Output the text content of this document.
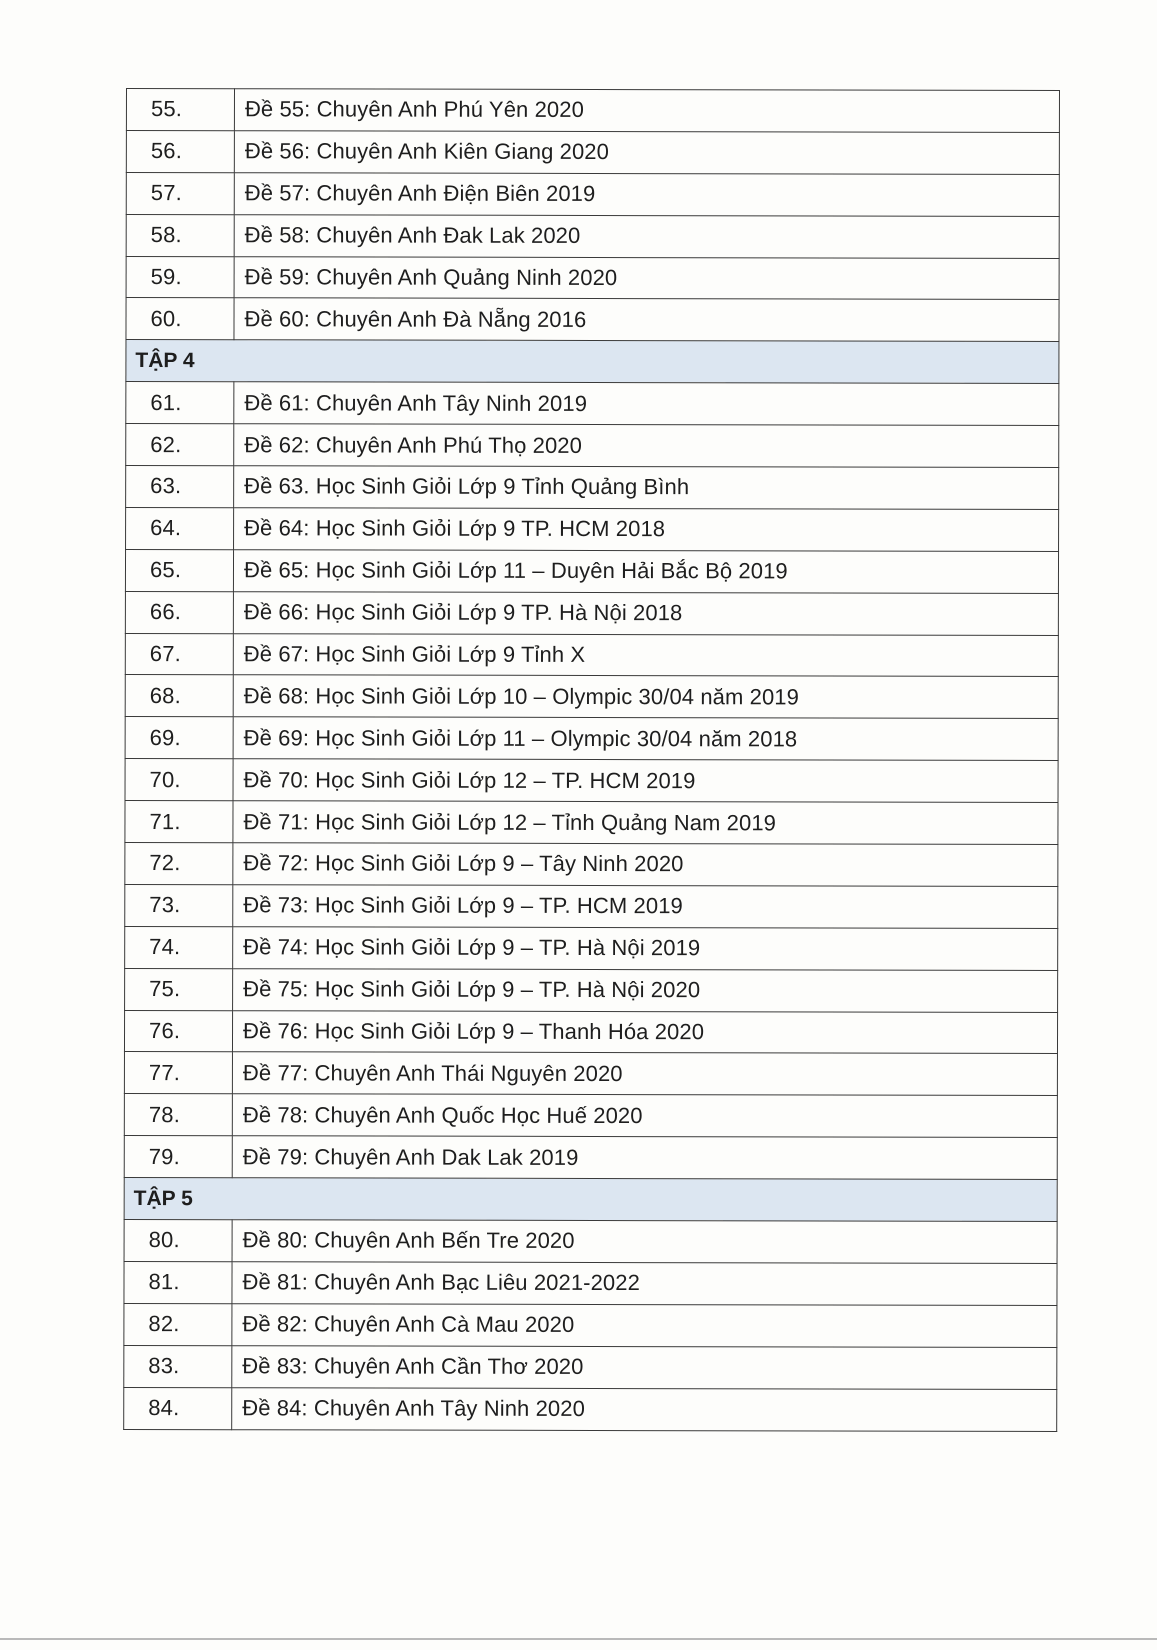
55.	Đề 55: Chuyên Anh Phú Yên 2020
56.	Đề 56: Chuyên Anh Kiên Giang 2020
57.	Đề 57: Chuyên Anh Điện Biên 2019
58.	Đề 58: Chuyên Anh Đak Lak 2020
59.	Đề 59: Chuyên Anh Quảng Ninh 2020
60.	Đề 60: Chuyên Anh Đà Nẵng 2016
TẬP 4	
61.	Đề 61: Chuyên Anh Tây Ninh 2019
62.	Đề 62: Chuyên Anh Phú Thọ 2020
63.	Đề 63. Học Sinh Giỏi Lớp 9 Tỉnh Quảng Bình
64.	Đề 64: Học Sinh Giỏi Lớp 9 TP. HCM 2018
65.	Đề 65: Học Sinh Giỏi Lớp 11 – Duyên Hải Bắc Bộ 2019
66.	Đề 66: Học Sinh Giỏi Lớp 9 TP. Hà Nội 2018
67.	Đề 67: Học Sinh Giỏi Lớp 9 Tỉnh X
68.	Đề 68: Học Sinh Giỏi Lớp 10 – Olympic 30/04 năm 2019
69.	Đề 69: Học Sinh Giỏi Lớp 11 – Olympic 30/04 năm 2018
70.	Đề 70: Học Sinh Giỏi Lớp 12 – TP. HCM 2019
71.	Đề 71: Học Sinh Giỏi Lớp 12 – Tỉnh Quảng Nam 2019
72.	Đề 72: Học Sinh Giỏi Lớp 9 – Tây Ninh 2020
73.	Đề 73: Học Sinh Giỏi Lớp 9 – TP. HCM 2019
74.	Đề 74: Học Sinh Giỏi Lớp 9 – TP. Hà Nội 2019
75.	Đề 75: Học Sinh Giỏi Lớp 9 – TP. Hà Nội 2020
76.	Đề 76: Học Sinh Giỏi Lớp 9 – Thanh Hóa 2020
77.	Đề 77: Chuyên Anh Thái Nguyên 2020
78.	Đề 78: Chuyên Anh Quốc Học Huế 2020
79.	Đề 79: Chuyên Anh Dak Lak 2019
TẬP 5	
80.	Đề 80: Chuyên Anh Bến Tre 2020
81.	Đề 81: Chuyên Anh Bạc Liêu 2021-2022
82.	Đề 82: Chuyên Anh Cà Mau 2020
83.	Đề 83: Chuyên Anh Cần Thơ 2020
84.	Đề 84: Chuyên Anh Tây Ninh 2020
